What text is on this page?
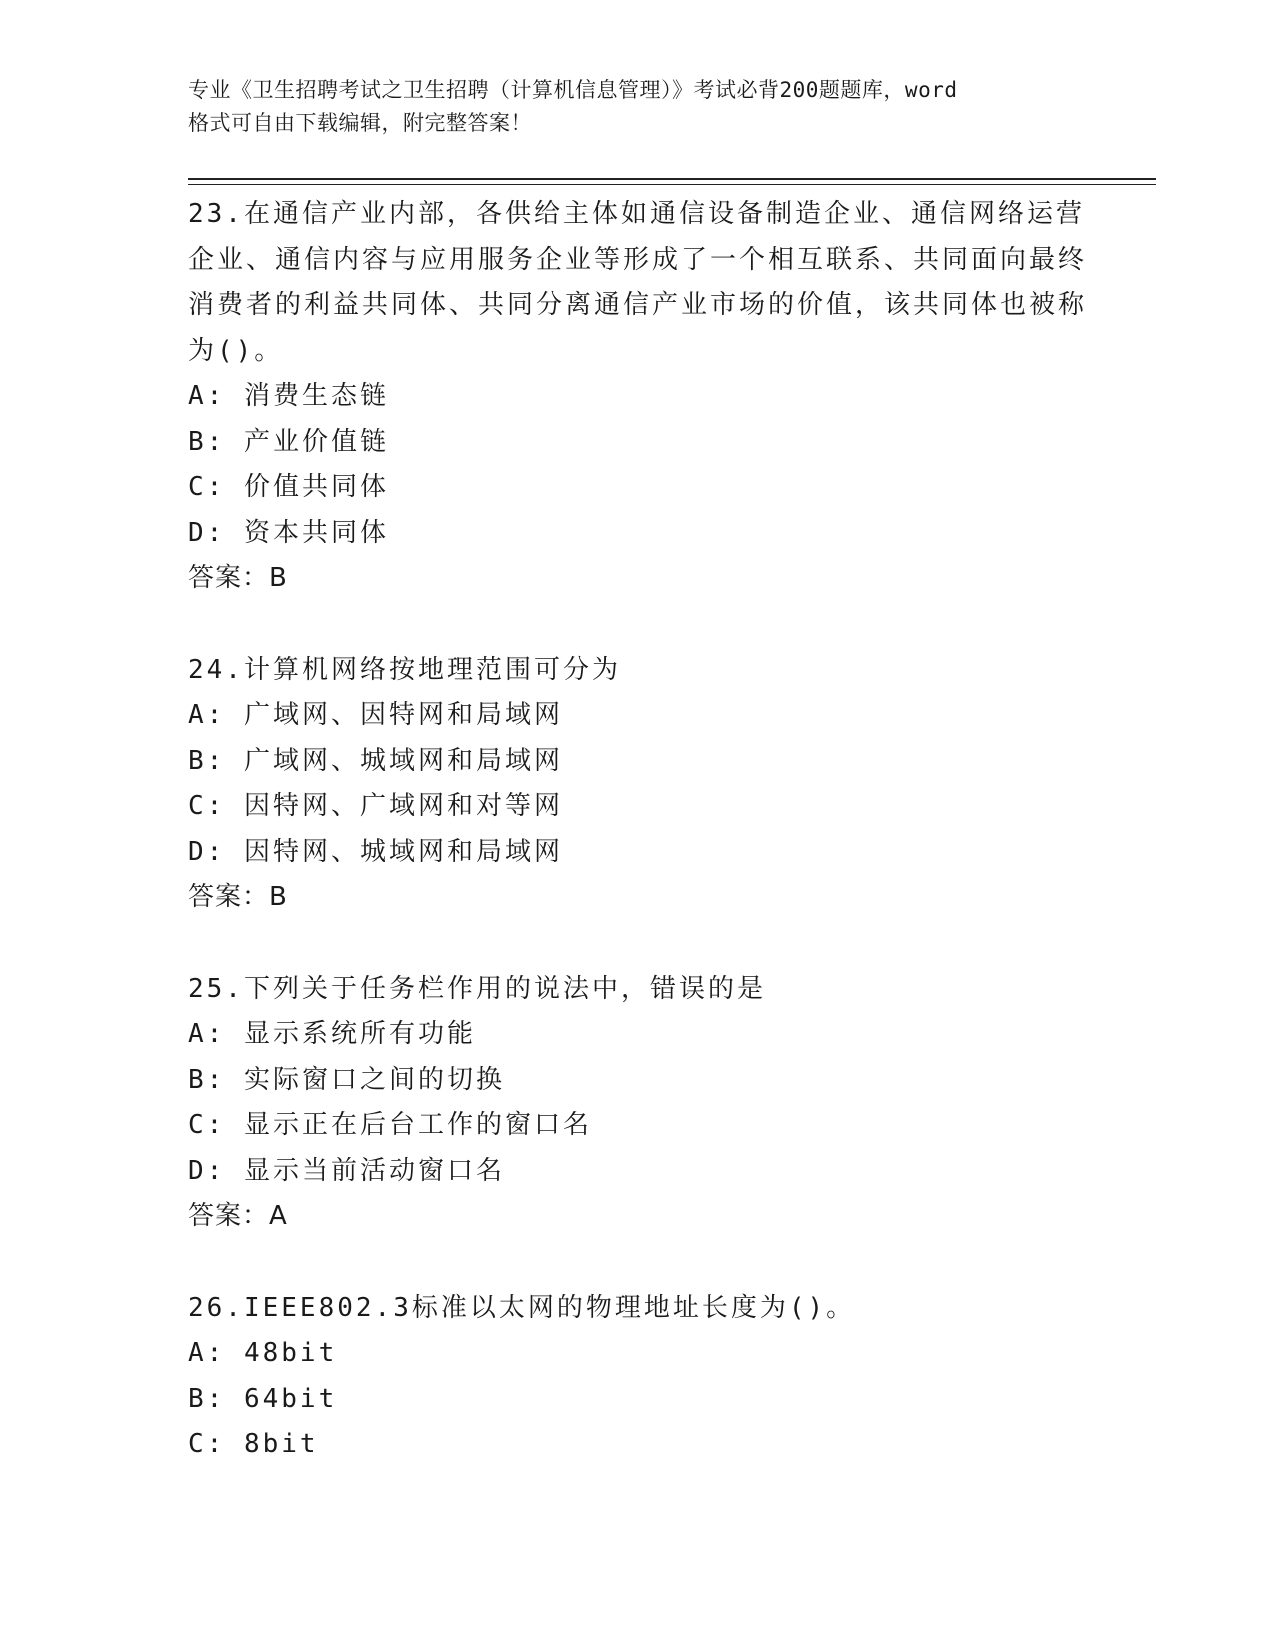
专业《卫生招聘考试之卫生招聘（计算机信息管理）》考试必背200题题库，word
格式可自由下载编辑，附完整答案！

23.在通信产业内部，各供给主体如通信设备制造企业、通信网络运营企业、通信内容与应用服务企业等形成了一个相互联系、共同面向最终消费者的利益共同体、共同分离通信产业市场的价值，该共同体也被称为()。

A: 消费生态链

B: 产业价值链

C: 价值共同体

D: 资本共同体

答案：B

24.计算机网络按地理范围可分为

A: 广域网、因特网和局域网

B: 广域网、城域网和局域网

C: 因特网、广域网和对等网

D: 因特网、城域网和局域网

答案：B

25.下列关于任务栏作用的说法中，错误的是

A: 显示系统所有功能

B: 实际窗口之间的切换

C: 显示正在后台工作的窗口名

D: 显示当前活动窗口名

答案：A

26.IEEE802.3标准以太网的物理地址长度为()。

A: 48bit

B: 64bit

C: 8bit
